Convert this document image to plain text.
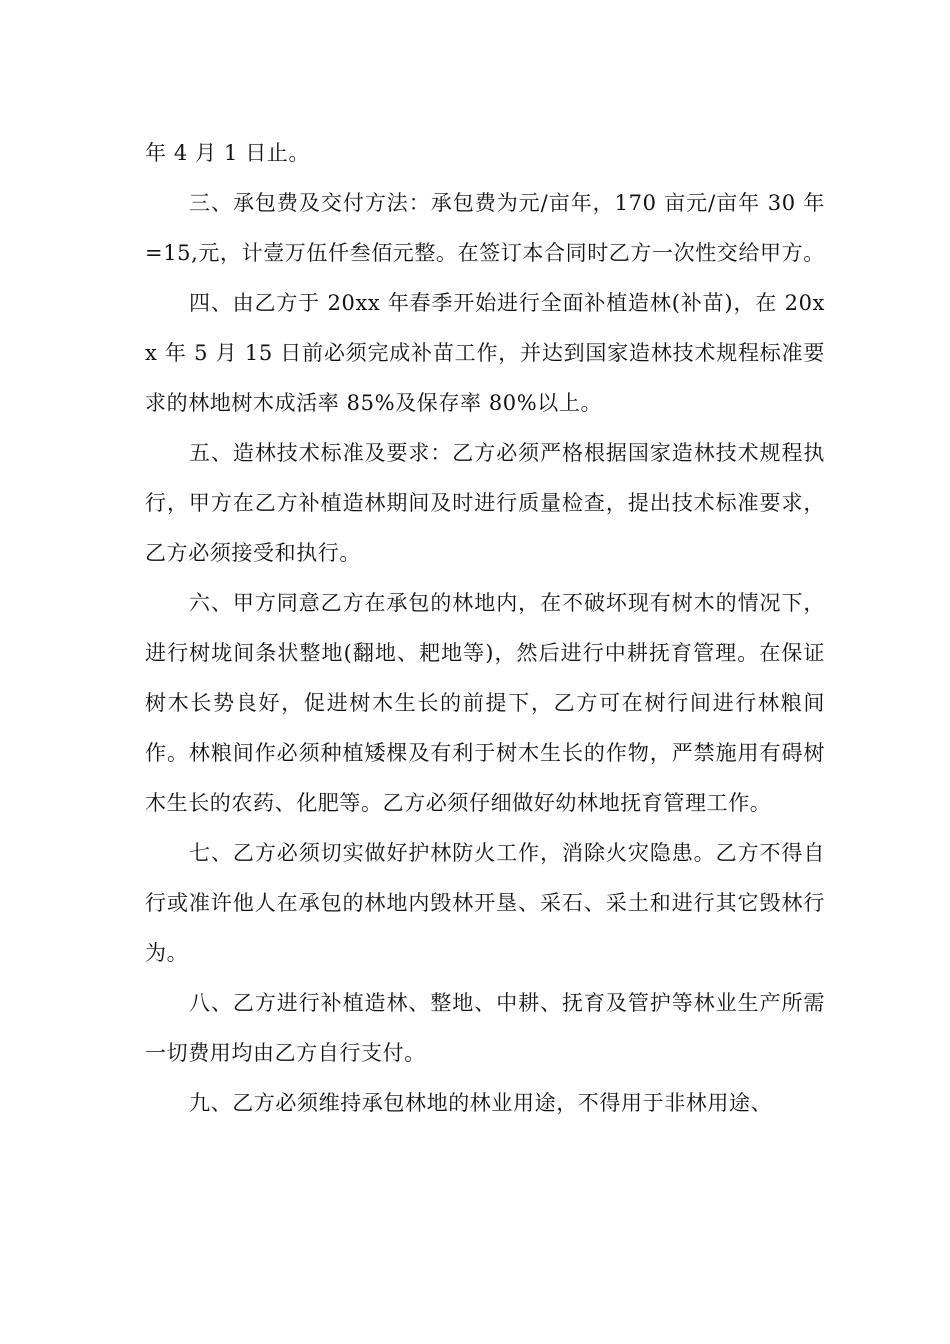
年 4 月 1 日止。

三、承包费及交付方法：承包费为元/亩年，170 亩元/亩年 30 年=15,元，计壹万伍仟叁佰元整。在签订本合同时乙方一次性交给甲方。

四、由乙方于 20xx 年春季开始进行全面补植造林(补苗)，在 20xx 年 5 月 15 日前必须完成补苗工作，并达到国家造林技术规程标准要求的林地树木成活率 85%及保存率 80%以上。

五、造林技术标准及要求：乙方必须严格根据国家造林技术规程执行，甲方在乙方补植造林期间及时进行质量检查，提出技术标准要求，乙方必须接受和执行。

六、甲方同意乙方在承包的林地内，在不破坏现有树木的情况下，进行树垅间条状整地(翻地、耙地等)，然后进行中耕抚育管理。在保证树木长势良好，促进树木生长的前提下，乙方可在树行间进行林粮间作。林粮间作必须种植矮棵及有利于树木生长的作物，严禁施用有碍树木生长的农药、化肥等。乙方必须仔细做好幼林地抚育管理工作。

七、乙方必须切实做好护林防火工作，消除火灾隐患。乙方不得自行或准许他人在承包的林地内毁林开垦、采石、采土和进行其它毁林行为。

八、乙方进行补植造林、整地、中耕、抚育及管护等林业生产所需一切费用均由乙方自行支付。

九、乙方必须维持承包林地的林业用途，不得用于非林用途、
